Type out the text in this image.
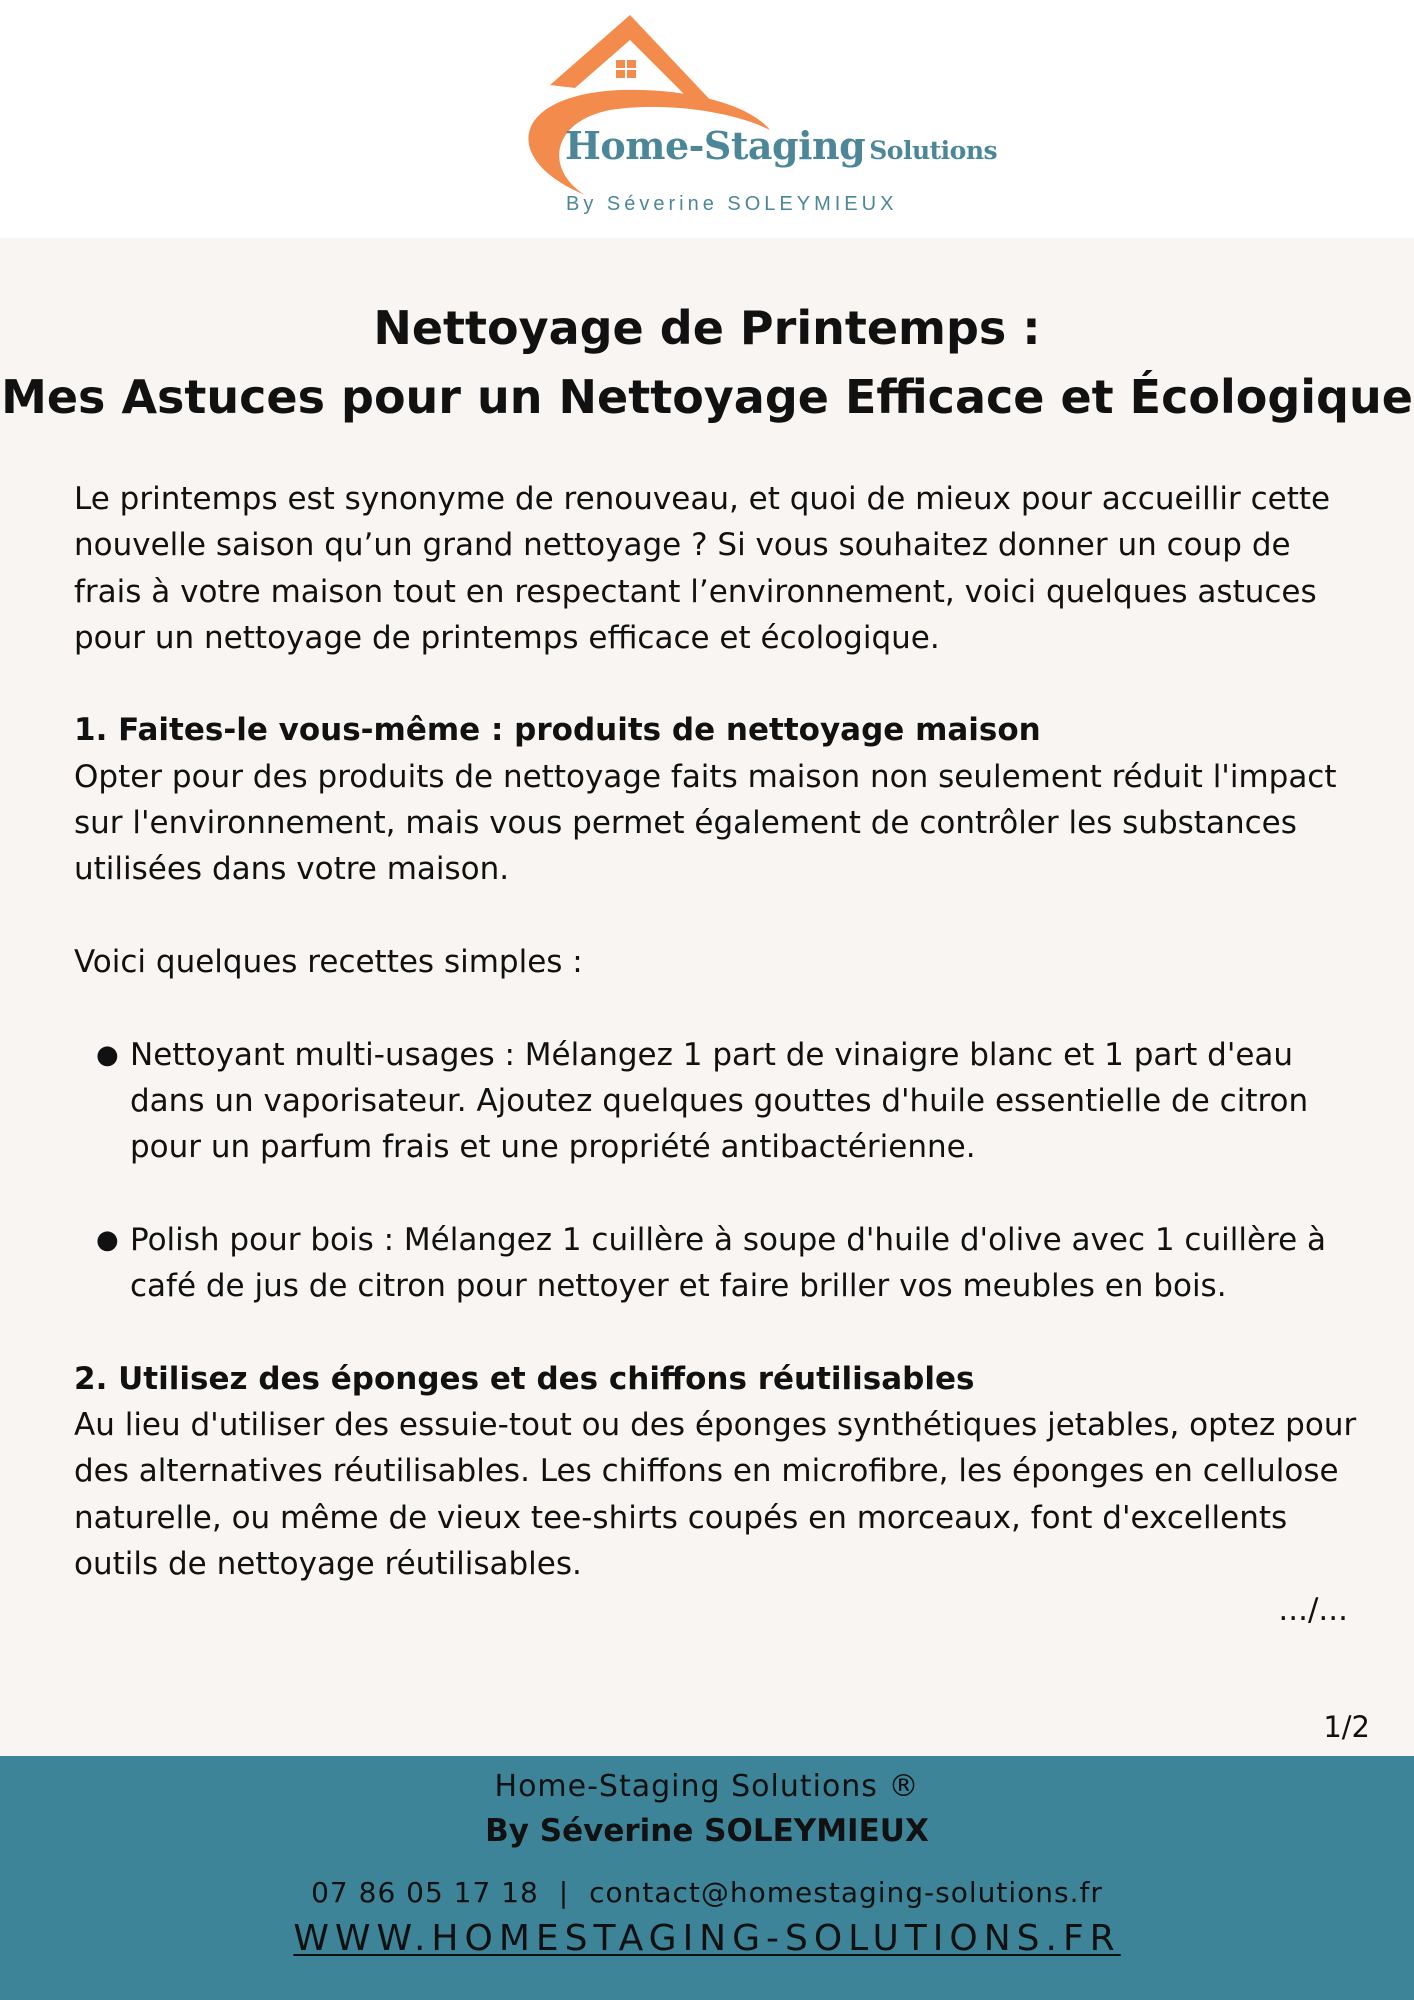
Home-Staging Solutions
By Séverine SOLEYMIEUX
Nettoyage de Printemps :
Mes Astuces pour un Nettoyage Efficace et Écologique

Le printemps est synonyme de renouveau, et quoi de mieux pour accueillir cette nouvelle saison qu’un grand nettoyage ? Si vous souhaitez donner un coup de frais à votre maison tout en respectant l’environnement, voici quelques astuces pour un nettoyage de printemps efficace et écologique.

1. Faites-le vous-même : produits de nettoyage maison

Opter pour des produits de nettoyage faits maison non seulement réduit l'impact sur l'environnement, mais vous permet également de contrôler les substances utilisées dans votre maison.

Voici quelques recettes simples :

● Nettoyant multi-usages : Mélangez 1 part de vinaigre blanc et 1 part d'eau dans un vaporisateur. Ajoutez quelques gouttes d'huile essentielle de citron pour un parfum frais et une propriété antibactérienne.
● Polish pour bois : Mélangez 1 cuillère à soupe d'huile d'olive avec 1 cuillère à café de jus de citron pour nettoyer et faire briller vos meubles en bois.
2. Utilisez des éponges et des chiffons réutilisables

Au lieu d'utiliser des essuie-tout ou des éponges synthétiques jetables, optez pour des alternatives réutilisables. Les chiffons en microfibre, les éponges en cellulose naturelle, ou même de vieux tee-shirts coupés en morceaux, font d'excellents outils de nettoyage réutilisables.

.../...

1/2
Home-Staging Solutions ®
By Séverine SOLEYMIEUX
07 86 05 17 18 | contact@homestaging-solutions.fr
WWW.HOMESTAGING-SOLUTIONS.FR
